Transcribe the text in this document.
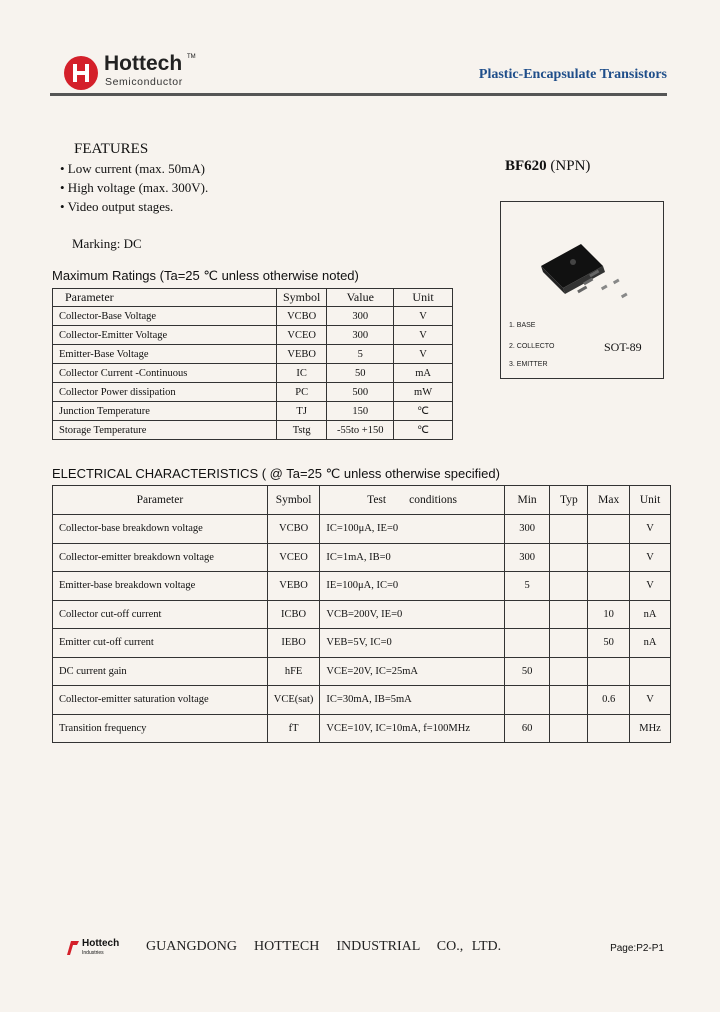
Hottech TM
Semiconductor	Plastic-Encapsulate Transistors
FEATURES
• Low current (max. 50mA)
• High voltage (max. 300V).
• Video output stages.
Marking: DC
BF620 (NPN)
1. BASE
2. COLLECTO
3. EMITTER
SOT-89
Maximum Ratings (Ta=25 ℃ unless otherwise noted)
Parameter	Symbol	Value	Unit
Collector-Base Voltage	VCBO	300	V
Collector-Emitter Voltage	VCEO	300	V
Emitter-Base Voltage	VEBO	5	V
Collector Current -Continuous	IC	50	mA
Collector Power dissipation	PC	500	mW
Junction Temperature	TJ	150	℃
Storage Temperature	Tstg	-55to +150	℃
ELECTRICAL CHARACTERISTICS ( @ Ta=25 ℃ unless otherwise specified)
Parameter	Symbol	Test        conditions	Min	Typ	Max	Unit
Collector-base breakdown voltage	VCBO	IC=100μA, IE=0	300			V
Collector-emitter breakdown voltage	VCEO	IC=1mA, IB=0	300			V
Emitter-base breakdown voltage	VEBO	IE=100μA, IC=0	5			V
Collector cut-off current	ICBO	VCB=200V, IE=0			10	nA
Emitter cut-off current	IEBO	VEB=5V, IC=0			50	nA
DC current gain	hFE	VCE=20V, IC=25mA	50			
Collector-emitter saturation voltage	VCE(sat)	IC=30mA, IB=5mA			0.6	V
Transition frequency	fT	VCE=10V, IC=10mA, f=100MHz	60			MHz
Hottech
Industries	GUANGDONG  HOTTECH  INDUSTRIAL  CO., LTD.	Page:P2-P1
